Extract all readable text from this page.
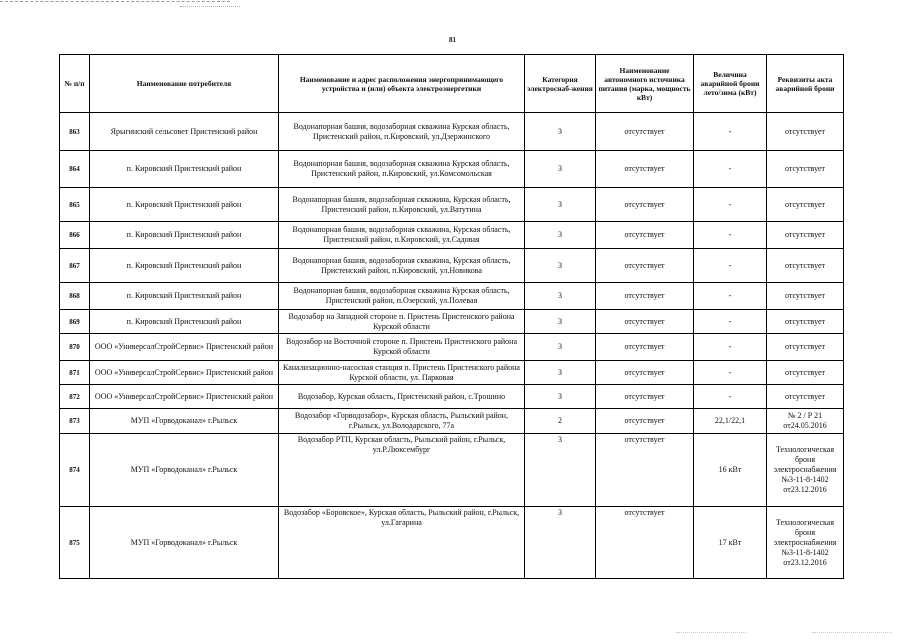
81
№ п/п	Наименование потребителя	Наименование и адрес расположения энергопринимающего устройства и (или) объекта электроэнергетики	Категория электроснаб-жения	Наименование автономного источника питания (марка, мощность кВт)	Величина аварийной брони лето/зима (кВт)	Реквизиты акта аварийной брони
863	Ярыгинский сельсовет Пристенский район	Водонапорная башня, водозаборная скважина Курская область, Пристенский район, п.Кировский, ул.Дзержинского	3	отсутствует	-	отсутствует
864	п. Кировский Пристенский район	Водонапорная башня, водозаборная скважина Курская область, Пристенский район, п.Кировский, ул.Комсомольская	3	отсутствует	-	отсутствует
865	п. Кировский Пристенский район	Водонапорная башня, водозаборная скважина, Курская область, Пристенский район, п.Кировский, ул.Ватутина	3	отсутствует	-	отсутствует
866	п. Кировский Пристенский район	Водонапорная башня, водозаборная скважина, Курская область, Пристенский район, п.Кировский, ул.Садовая	3	отсутствует	-	отсутствует
867	п. Кировский Пристенский район	Водонапорная башня, водозаборная скважина, Курская область, Пристенский район, п.Кировский, ул.Новикова	3	отсутствует	-	отсутствует
868	п. Кировский Пристенский район	Водонапорная башня, водозаборная скважина Курская область, Пристенский район, п.Озерский, ул.Полевая	3	отсутствует	-	отсутствует
869	п. Кировский Пристенский район	Водозабор на Западной стороне п. Пристень Пристенского района Курской области	3	отсутствует	-	отсутствует
870	ООО «УниверсалСтройСервис» Пристенский район	Водозабор на Восточной стороне п. Пристень Пристенского района Курской области	3	отсутствует	-	отсутствует
871	ООО «УниверсалСтройСервис» Пристенский район	Канализационно-насосная станция п. Пристень Пристенского района Курской области, ул. Парковая	3	отсутствует	-	отсутствует
872	ООО «УниверсалСтройСервис» Пристенский район	Водозабор, Курская область, Пристенский район, с.Трошино	3	отсутствует	-	отсутствует
873	МУП «Горводоканал» г.Рыльск	Водозабор «Горводозабор», Курская область, Рыльский район, г.Рыльск, ул.Володарского, 77а	2	отсутствует	22,1/22,1	№ 2 / Р 21 от24.05.2016
874	МУП «Горводоканал» г.Рыльск	Водозабор РТП, Курская область, Рыльский район, г.Рыльск, ул.Р.Люксембург	3	отсутствует	16 кВт	Технологическая броня электроснабжения №3-11-8-1402 от23.12.2016
875	МУП «Горводоканал» г.Рыльск	Водозабор «Боровское», Курская область, Рыльский район, г.Рыльск, ул.Гагарина	3	отсутствует	17 кВт	Технологическая броня электроснабжения №3-11-8-1402 от23.12.2016
